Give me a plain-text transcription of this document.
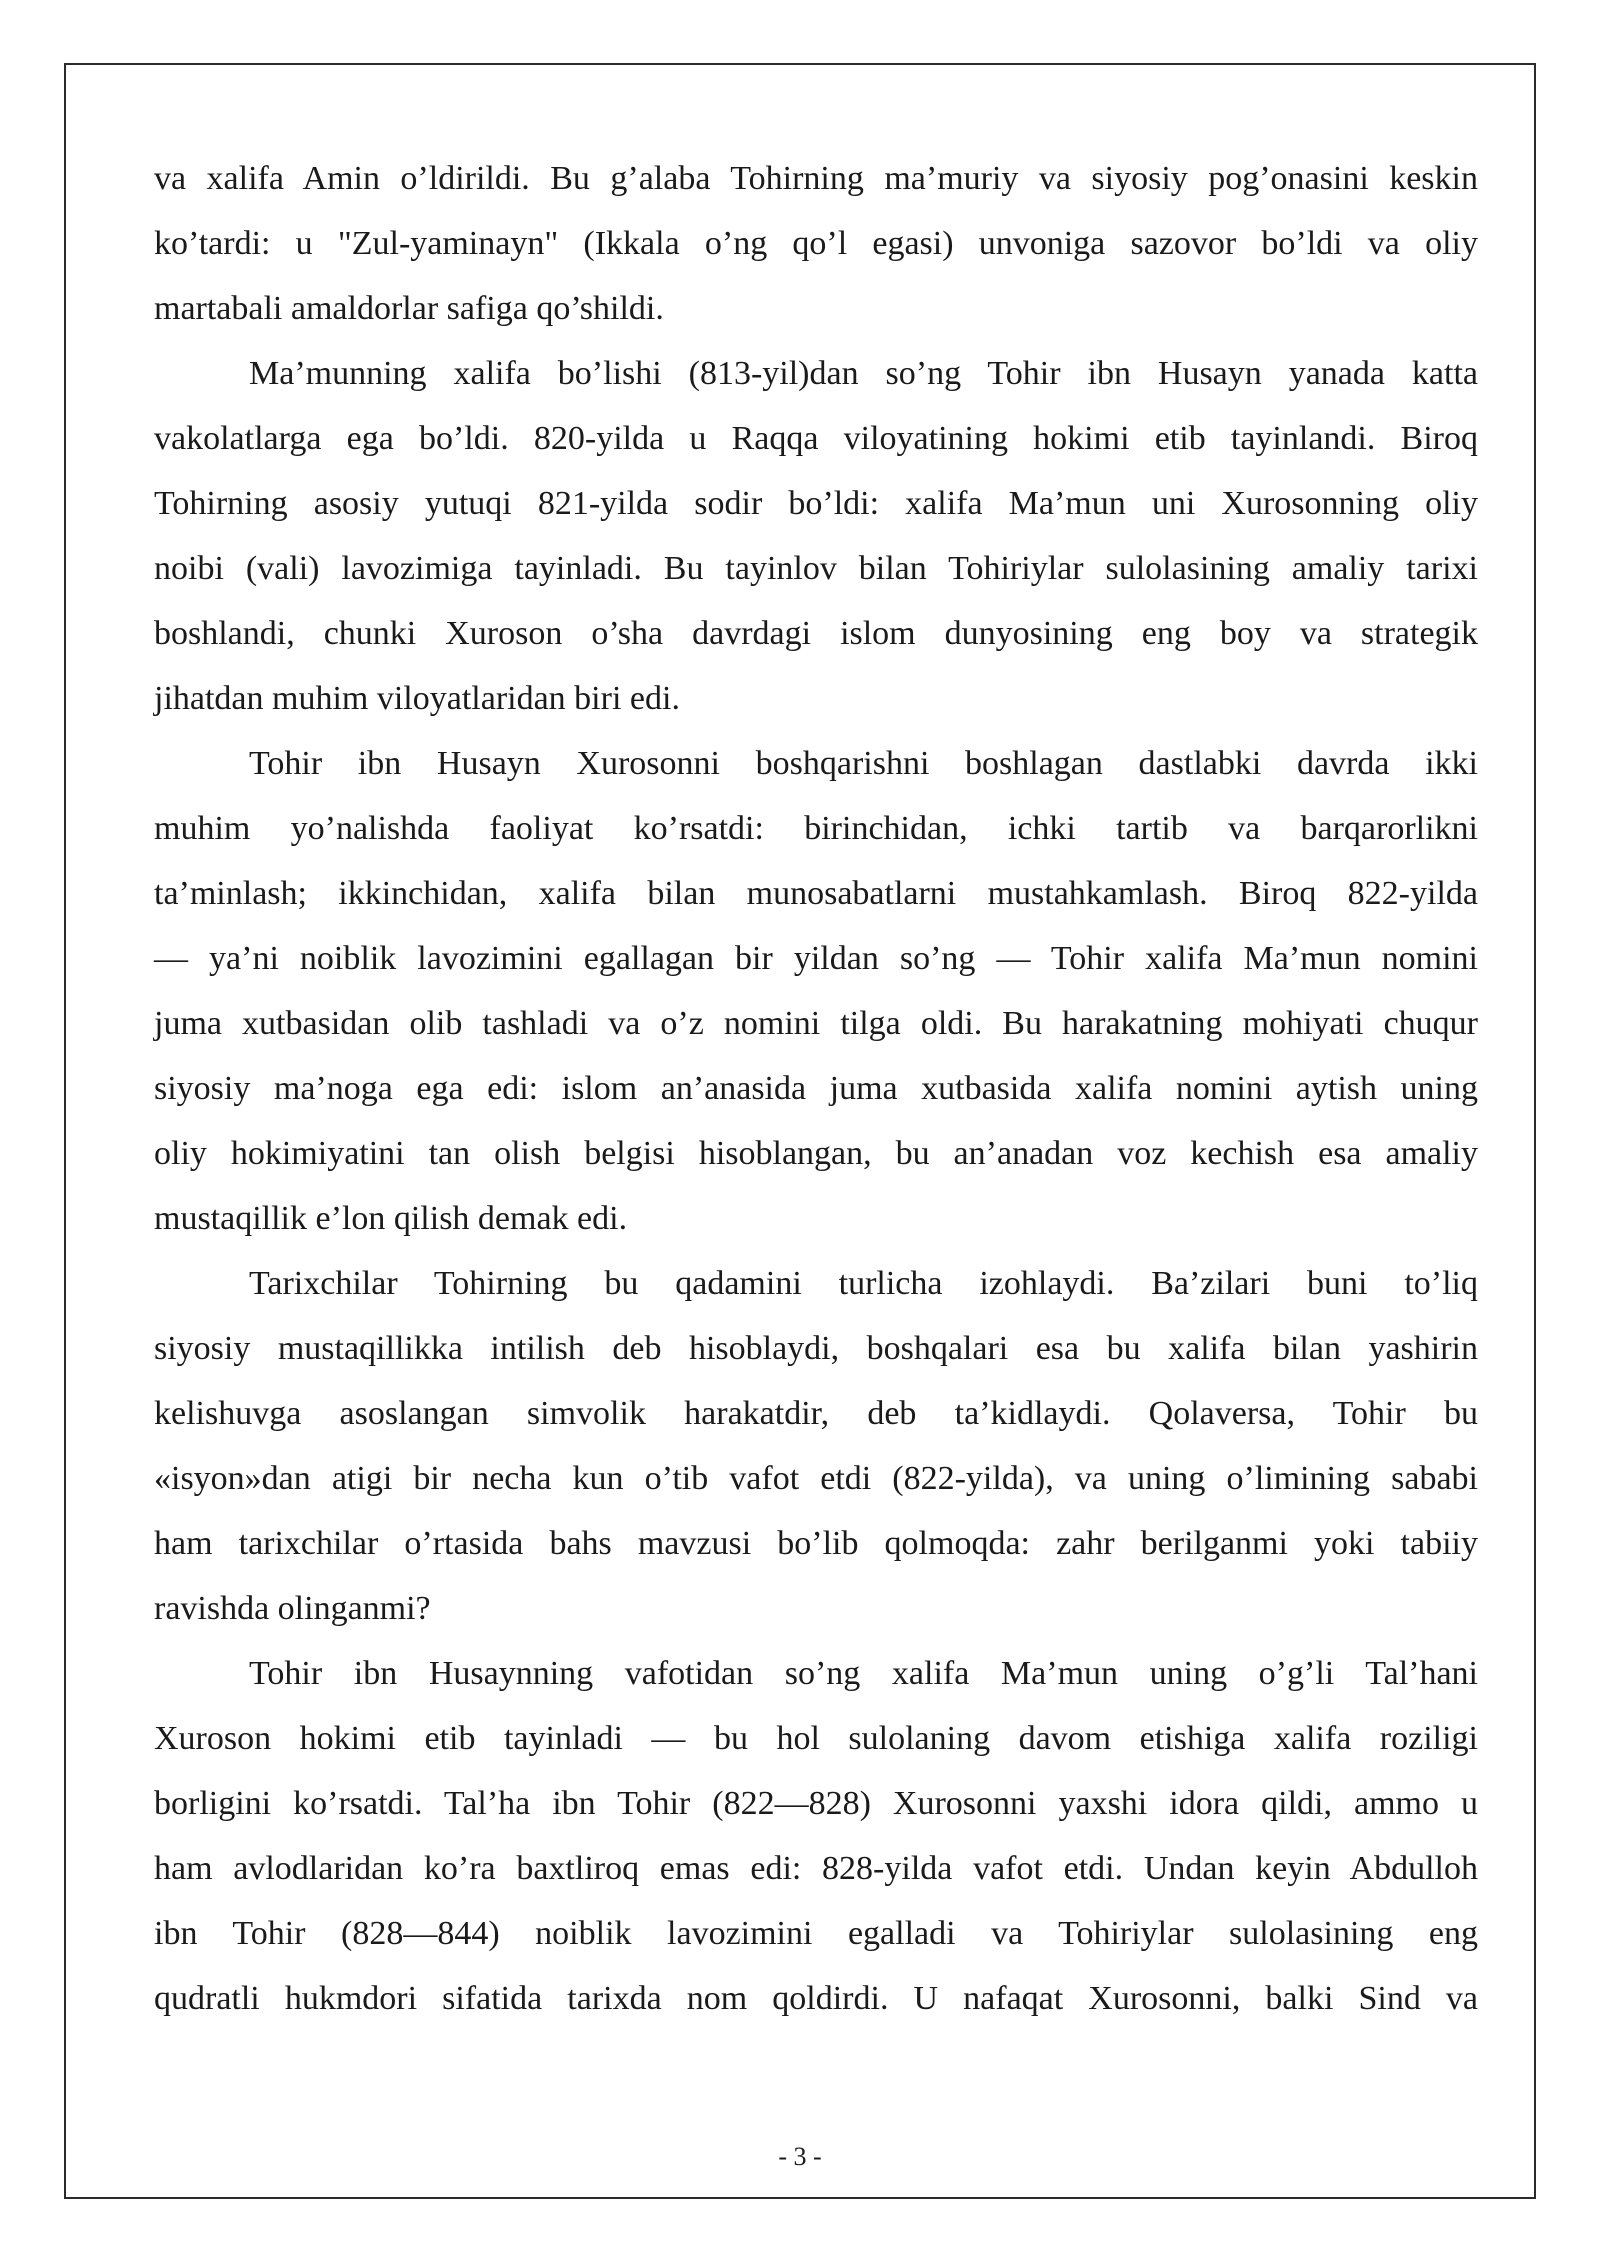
va xalifa Amin o’ldirildi. Bu g’alaba Tohirning ma’muriy va siyosiy pog’onasini keskin
ko’tardi: u "Zul-yaminayn" (Ikkala o’ng qo’l egasi) unvoniga sazovor bo’ldi va oliy
martabali amaldorlar safiga qo’shildi.

Ma’munning xalifa bo’lishi (813-yil)dan so’ng Tohir ibn Husayn yanada katta
vakolatlarga ega bo’ldi. 820-yilda u Raqqa viloyatining hokimi etib tayinlandi. Biroq
Tohirning asosiy yutuqi 821-yilda sodir bo’ldi: xalifa Ma’mun uni Xurosonning oliy
noibi (vali) lavozimiga tayinladi. Bu tayinlov bilan Tohiriylar sulolasining amaliy tarixi
boshlandi, chunki Xuroson o’sha davrdagi islom dunyosining eng boy va strategik
jihatdan muhim viloyatlaridan biri edi.

Tohir ibn Husayn Xurosonni boshqarishni boshlagan dastlabki davrda ikki
muhim yo’nalishda faoliyat ko’rsatdi: birinchidan, ichki tartib va barqarorlikni
ta’minlash; ikkinchidan, xalifa bilan munosabatlarni mustahkamlash. Biroq 822-yilda
— ya’ni noiblik lavozimini egallagan bir yildan so’ng — Tohir xalifa Ma’mun nomini
juma xutbasidan olib tashladi va o’z nomini tilga oldi. Bu harakatning mohiyati chuqur
siyosiy ma’noga ega edi: islom an’anasida juma xutbasida xalifa nomini aytish uning
oliy hokimiyatini tan olish belgisi hisoblangan, bu an’anadan voz kechish esa amaliy
mustaqillik e’lon qilish demak edi.

Tarixchilar Tohirning bu qadamini turlicha izohlaydi. Ba’zilari buni to’liq
siyosiy mustaqillikka intilish deb hisoblaydi, boshqalari esa bu xalifa bilan yashirin
kelishuvga asoslangan simvolik harakatdir, deb ta’kidlaydi. Qolaversa, Tohir bu
«isyon»dan atigi bir necha kun o’tib vafot etdi (822-yilda), va uning o’limining sababi
ham tarixchilar o’rtasida bahs mavzusi bo’lib qolmoqda: zahr berilganmi yoki tabiiy
ravishda olinganmi?

Tohir ibn Husaynning vafotidan so’ng xalifa Ma’mun uning o’g’li Tal’hani
Xuroson hokimi etib tayinladi — bu hol sulolaning davom etishiga xalifa roziligi
borligini ko’rsatdi. Tal’ha ibn Tohir (822—828) Xurosonni yaxshi idora qildi, ammo u
ham avlodlaridan ko’ra baxtliroq emas edi: 828-yilda vafot etdi. Undan keyin Abdulloh
ibn Tohir (828—844) noiblik lavozimini egalladi va Tohiriylar sulolasining eng
qudratli hukmdori sifatida tarixda nom qoldirdi. U nafaqat Xurosonni, balki Sind va

- 3 -
